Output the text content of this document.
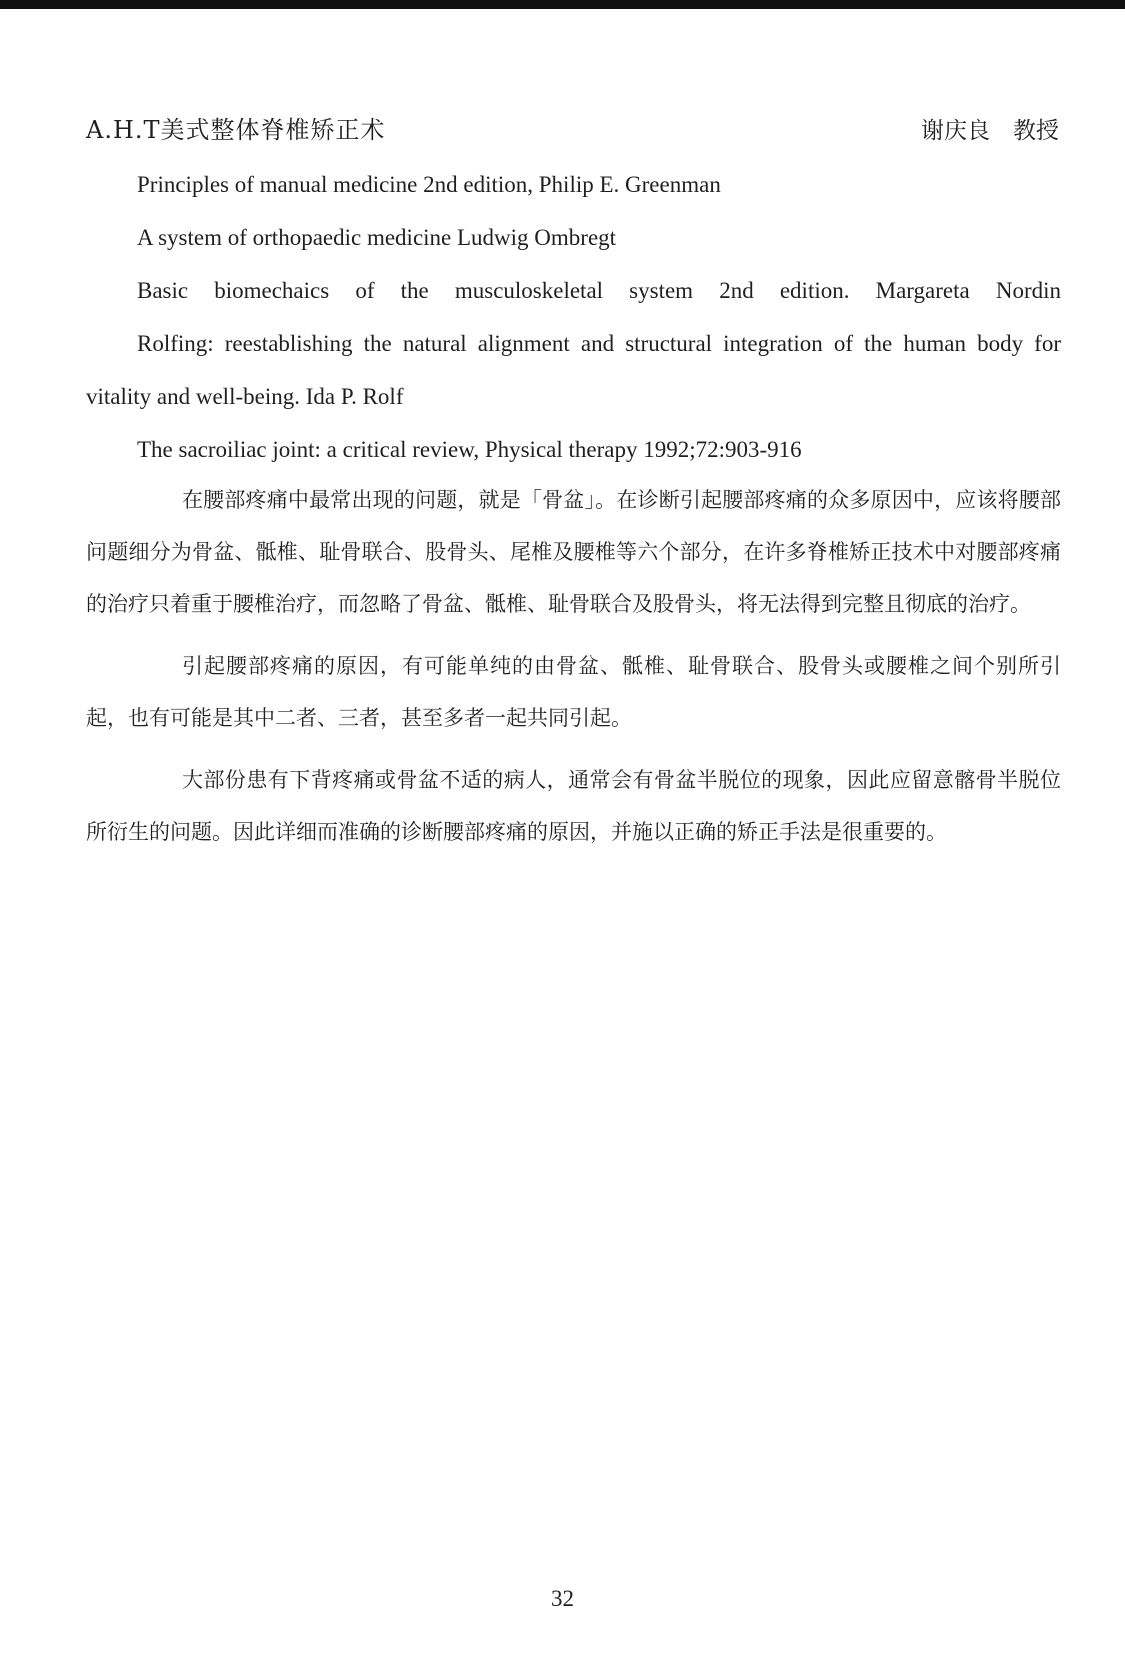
A.H.T美式整体脊椎矫正术	谢庆良　教授

Principles of manual medicine 2nd edition, Philip E. Greenman

A system of orthopaedic medicine Ludwig Ombregt

Basic biomechaics of the musculoskeletal system 2nd edition. Margareta Nordin

Rolfing: reestablishing the natural alignment and structural integration of the human body for vitality and well-being. Ida P. Rolf

The sacroiliac joint: a critical review, Physical therapy 1992;72:903-916

在腰部疼痛中最常出现的问题，就是「骨盆」。在诊断引起腰部疼痛的众多原因中，应该将腰部问题细分为骨盆、骶椎、耻骨联合、股骨头、尾椎及腰椎等六个部分，在许多脊椎矫正技术中对腰部疼痛的治疗只着重于腰椎治疗，而忽略了骨盆、骶椎、耻骨联合及股骨头，将无法得到完整且彻底的治疗。

引起腰部疼痛的原因，有可能单纯的由骨盆、骶椎、耻骨联合、股骨头或腰椎之间个别所引起，也有可能是其中二者、三者，甚至多者一起共同引起。

大部份患有下背疼痛或骨盆不适的病人，通常会有骨盆半脱位的现象，因此应留意髂骨半脱位所衍生的问题。因此详细而准确的诊断腰部疼痛的原因，并施以正确的矫正手法是很重要的。

32
